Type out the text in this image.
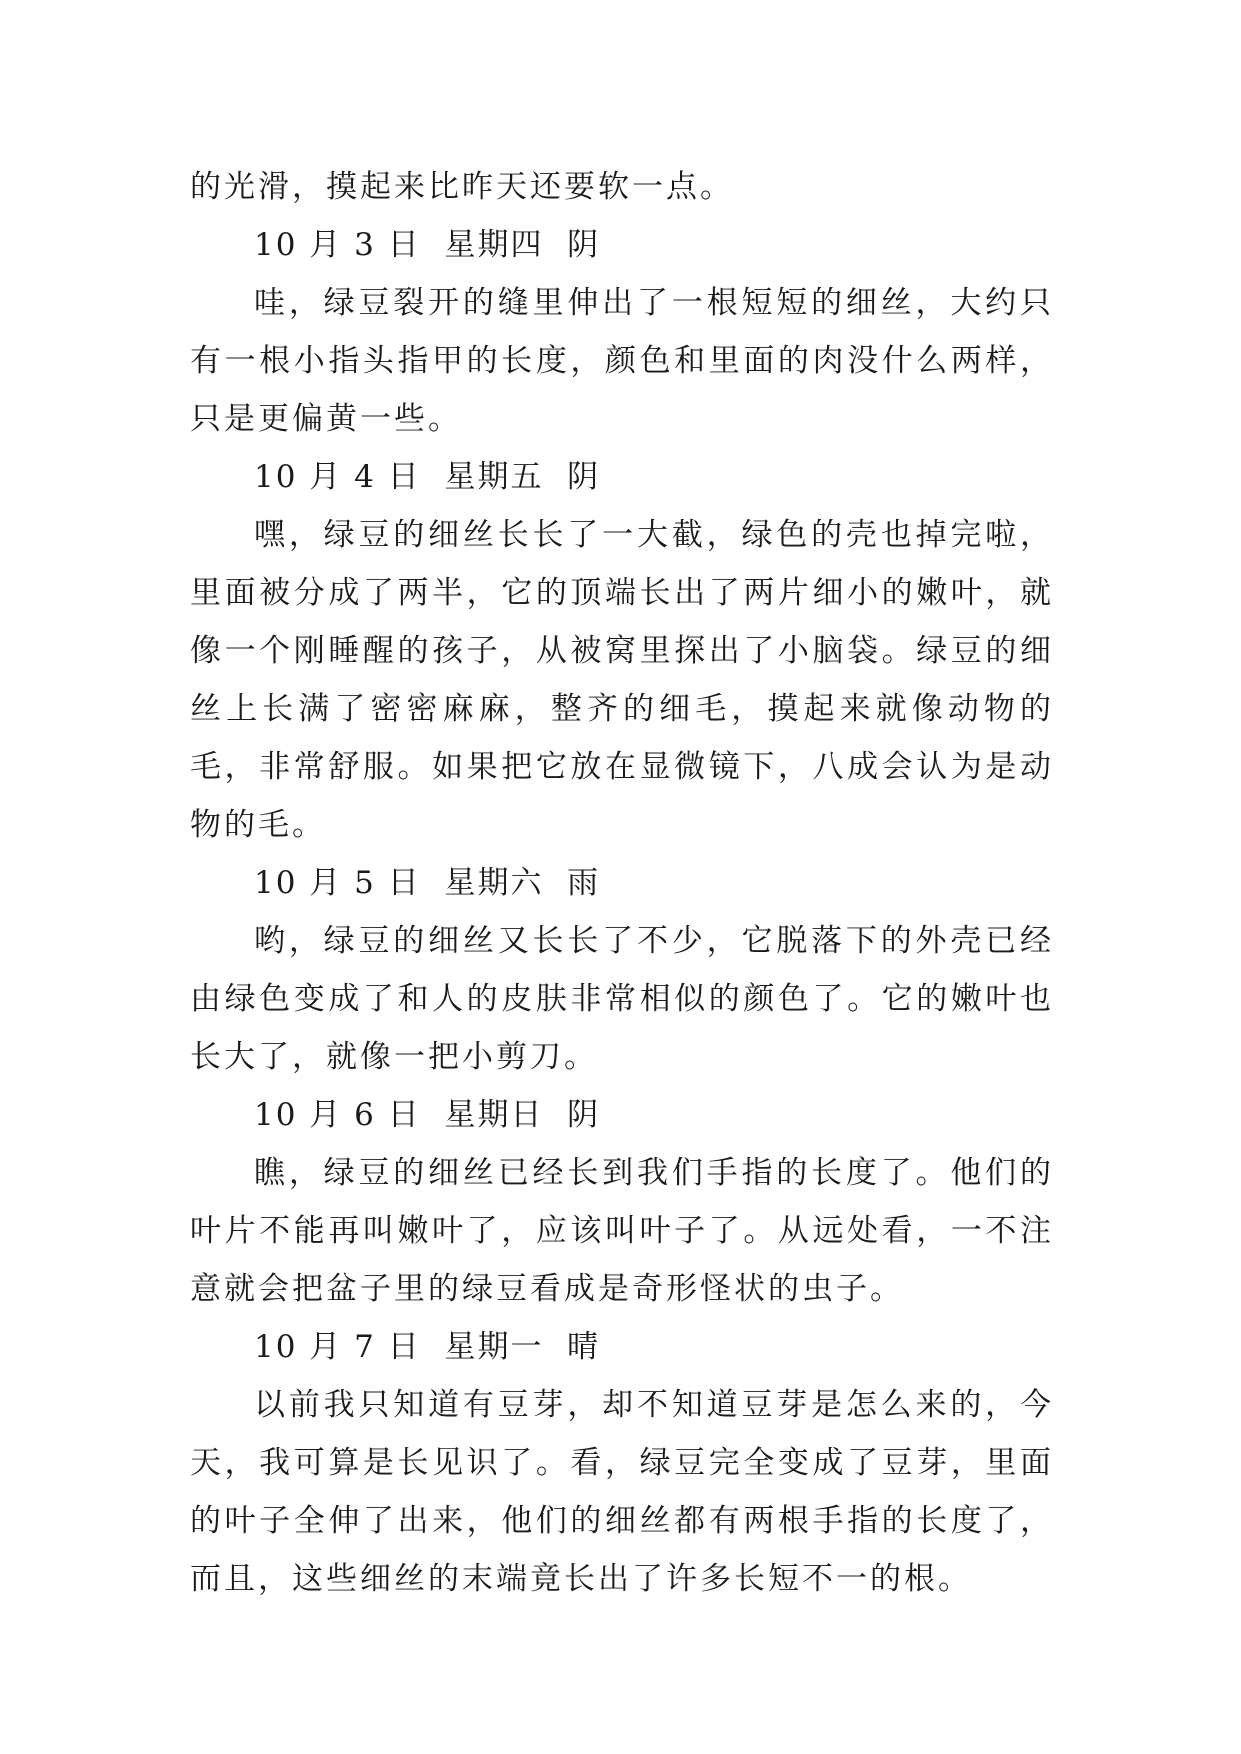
的光滑，摸起来比昨天还要软一点。

10 月 3 日  星期四  阴

哇，绿豆裂开的缝里伸出了一根短短的细丝，大约只有一根小指头指甲的长度，颜色和里面的肉没什么两样，只是更偏黄一些。

10 月 4 日  星期五  阴

嘿，绿豆的细丝长长了一大截，绿色的壳也掉完啦，里面被分成了两半，它的顶端长出了两片细小的嫩叶，就像一个刚睡醒的孩子，从被窝里探出了小脑袋。绿豆的细丝上长满了密密麻麻，整齐的细毛，摸起来就像动物的毛，非常舒服。如果把它放在显微镜下，八成会认为是动物的毛。

10 月 5 日  星期六  雨

哟，绿豆的细丝又长长了不少，它脱落下的外壳已经由绿色变成了和人的皮肤非常相似的颜色了。它的嫩叶也长大了，就像一把小剪刀。

10 月 6 日  星期日  阴

瞧，绿豆的细丝已经长到我们手指的长度了。他们的叶片不能再叫嫩叶了，应该叫叶子了。从远处看，一不注意就会把盆子里的绿豆看成是奇形怪状的虫子。

10 月 7 日  星期一  晴

以前我只知道有豆芽，却不知道豆芽是怎么来的，今天，我可算是长见识了。看，绿豆完全变成了豆芽，里面的叶子全伸了出来，他们的细丝都有两根手指的长度了，而且，这些细丝的末端竟长出了许多长短不一的根。
